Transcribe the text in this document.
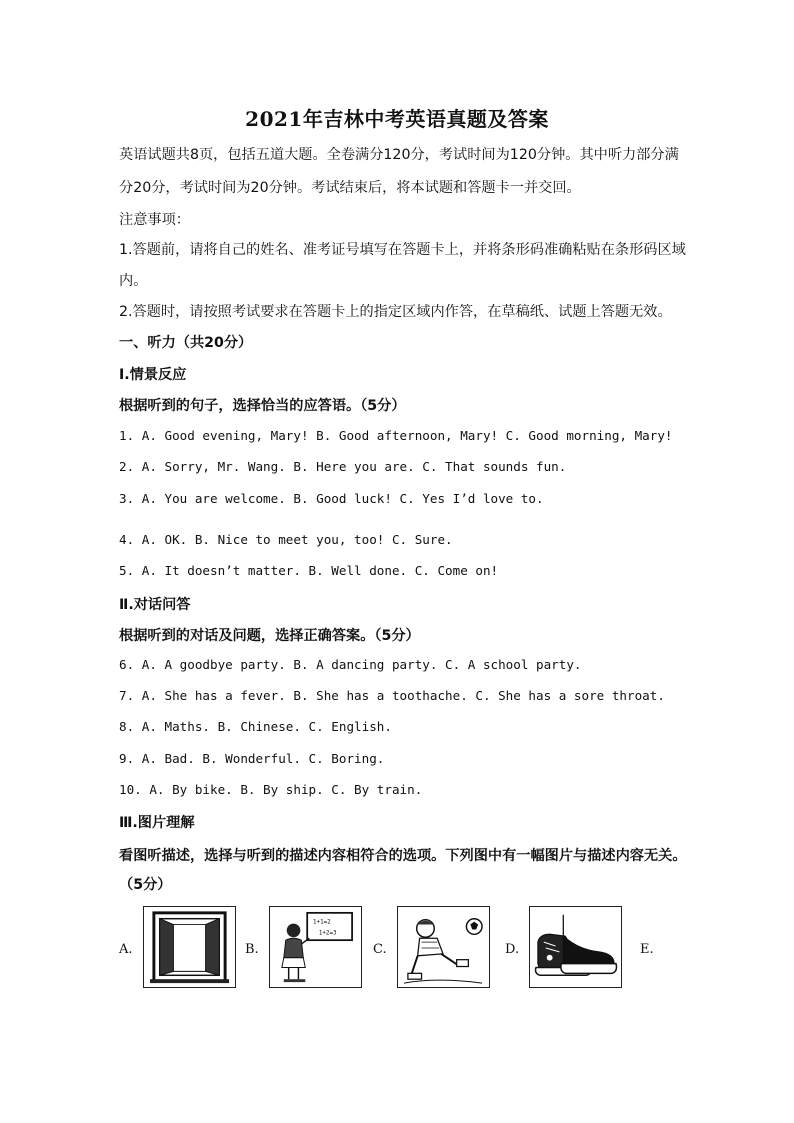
2021年吉林中考英语真题及答案
英语试题共8页，包括五道大题。全卷满分120分，考试时间为120分钟。其中听力部分满
分20分，考试时间为20分钟。考试结束后，将本试题和答题卡一并交回。
注意事项：
1.答题前，请将自己的姓名、准考证号填写在答题卡上，并将条形码准确粘贴在条形码区域
内。
2.答题时，请按照考试要求在答题卡上的指定区域内作答，在草稿纸、试题上答题无效。
一、听力（共20分）
Ⅰ.情景反应
根据听到的句子，选择恰当的应答语。（5分）
1. A. Good evening, Mary! B. Good afternoon, Mary! C. Good morning, Mary!
2. A. Sorry, Mr. Wang. B. Here you are. C. That sounds fun.
3. A. You are welcome. B. Good luck! C. Yes I’d love to.
4. A. OK. B. Nice to meet you, too! C. Sure.
5. A. It doesn’t matter. B. Well done. C. Come on!
Ⅱ.对话问答
根据听到的对话及问题，选择正确答案。（5分）
6. A. A goodbye party. B. A dancing party. C. A school party.
7. A. She has a fever. B. She has a toothache. C. She has a sore throat.
8. A. Maths. B. Chinese. C. English.
9. A. Bad. B. Wonderful. C. Boring.
10. A. By bike. B. By ship. C. By train.
Ⅲ.图片理解
看图听描述，选择与听到的描述内容相符合的选项。下列图中有一幅图片与描述内容无关。
（5分）
A.	B.
1+1=2
1+2=3
C.	D.	E.
